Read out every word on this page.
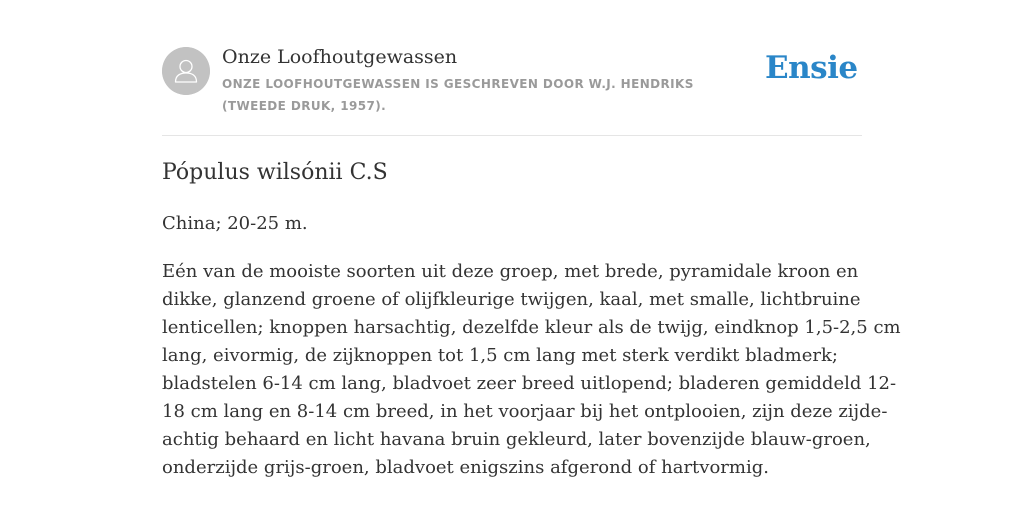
Onze Loofhoutgewassen
ONZE LOOFHOUTGEWASSEN IS GESCHREVEN DOOR W.J. HENDRIKS (TWEEDE DRUK, 1957).
Ensie
Pópulus wilsónii C.S
China; 20-25 m.
Eén van de mooiste soorten uit deze groep, met brede, pyramidale kroon en
dikke, glanzend groene of olijfkleurige twijgen, kaal, met smalle, lichtbruine
lenticellen; knoppen harsachtig, dezelfde kleur als de twijg, eindknop 1,5-2,5 cm
lang, eivormig, de zijknoppen tot 1,5 cm lang met sterk verdikt bladmerk;
bladstelen 6-14 cm lang, bladvoet zeer breed uitlopend; bladeren gemiddeld 12-
18 cm lang en 8-14 cm breed, in het voorjaar bij het ontplooien, zijn deze zijde-
achtig behaard en licht havana bruin gekleurd, later bovenzijde blauw-groen,
onderzijde grijs-groen, bladvoet enigszins afgerond of hartvormig.
